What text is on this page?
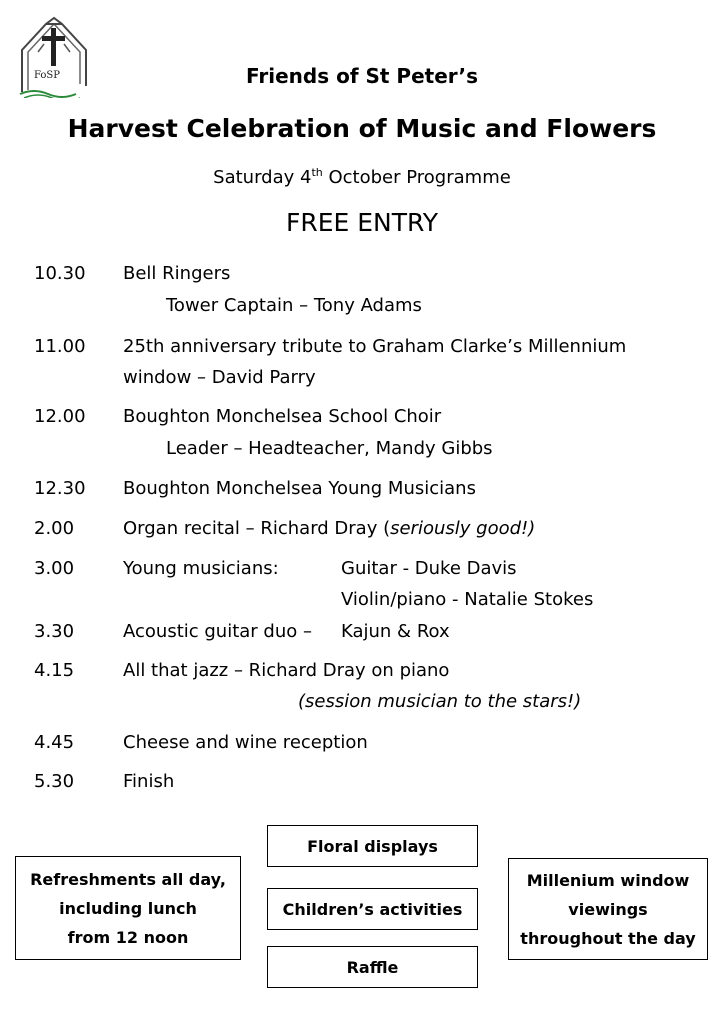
FoSP	Friends of St Peter’s
Harvest Celebration of Music and Flowers
Saturday 4th October Programme
FREE ENTRY
10.30 Bell Ringers
Tower Captain – Tony Adams
11.00 25th anniversary tribute to Graham Clarke’s Millennium
window – David Parry
12.00 Boughton Monchelsea School Choir
Leader – Headteacher, Mandy Gibbs
12.30 Boughton Monchelsea Young Musicians
2.00	Organ recital – Richard Dray (seriously good!)
3.00	Young musicians:	Guitar - Duke Davis
Violin/piano - Natalie Stokes
3.30	Acoustic guitar duo – Kajun & Rox
4.15	All that jazz – Richard Dray on piano
(session musician to the stars!)
4.45	Cheese and wine reception
5.30	Finish
Refreshments all day,
including lunch
from 12 noon
Floral displays
Children’s activities
Raffle
Millenium window
viewings
throughout the day
